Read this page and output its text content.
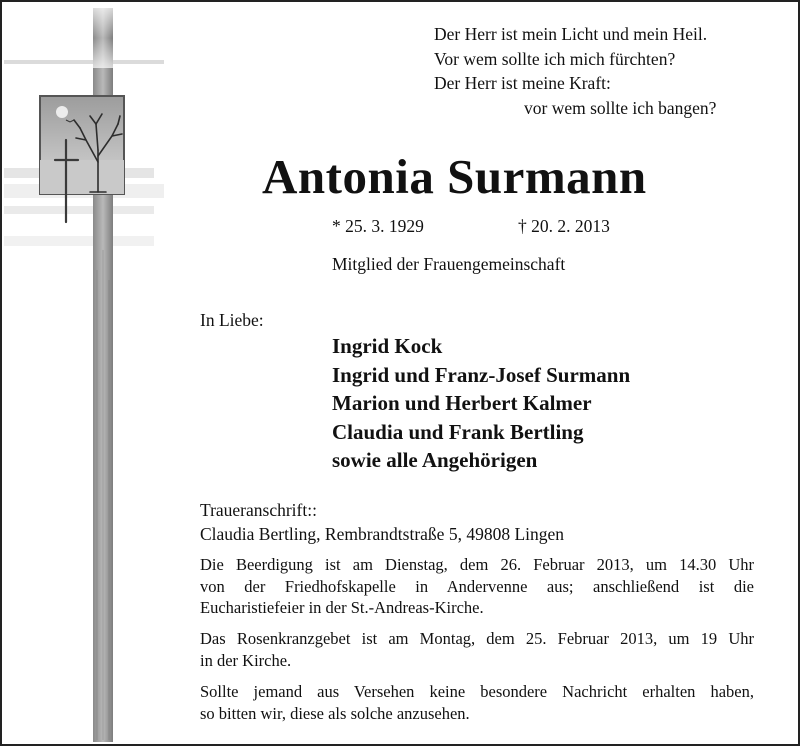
Der Herr ist mein Licht und mein Heil.
Vor wem sollte ich mich fürchten?
Der Herr ist meine Kraft:
vor wem sollte ich bangen?
Antonia Surmann
* 25. 3. 1929	† 20. 2. 2013
Mitglied der Frauengemeinschaft
In Liebe:
Ingrid Kock
Ingrid und Franz-Josef Surmann
Marion und Herbert Kalmer
Claudia und Frank Bertling
sowie alle Angehörigen
Traueranschrift::
Claudia Bertling, Rembrandtstraße 5, 49808 Lingen
Die Beerdigung ist am Dienstag, dem 26. Februar 2013, um 14.30 Uhr
von der Friedhofskapelle in Andervenne aus; anschließend ist die
Eucharistiefeier in der St.-Andreas-Kirche.
Das Rosenkranzgebet ist am Montag, dem 25. Februar 2013, um 19 Uhr
in der Kirche.
Sollte jemand aus Versehen keine besondere Nachricht erhalten haben,
so bitten wir, diese als solche anzusehen.
